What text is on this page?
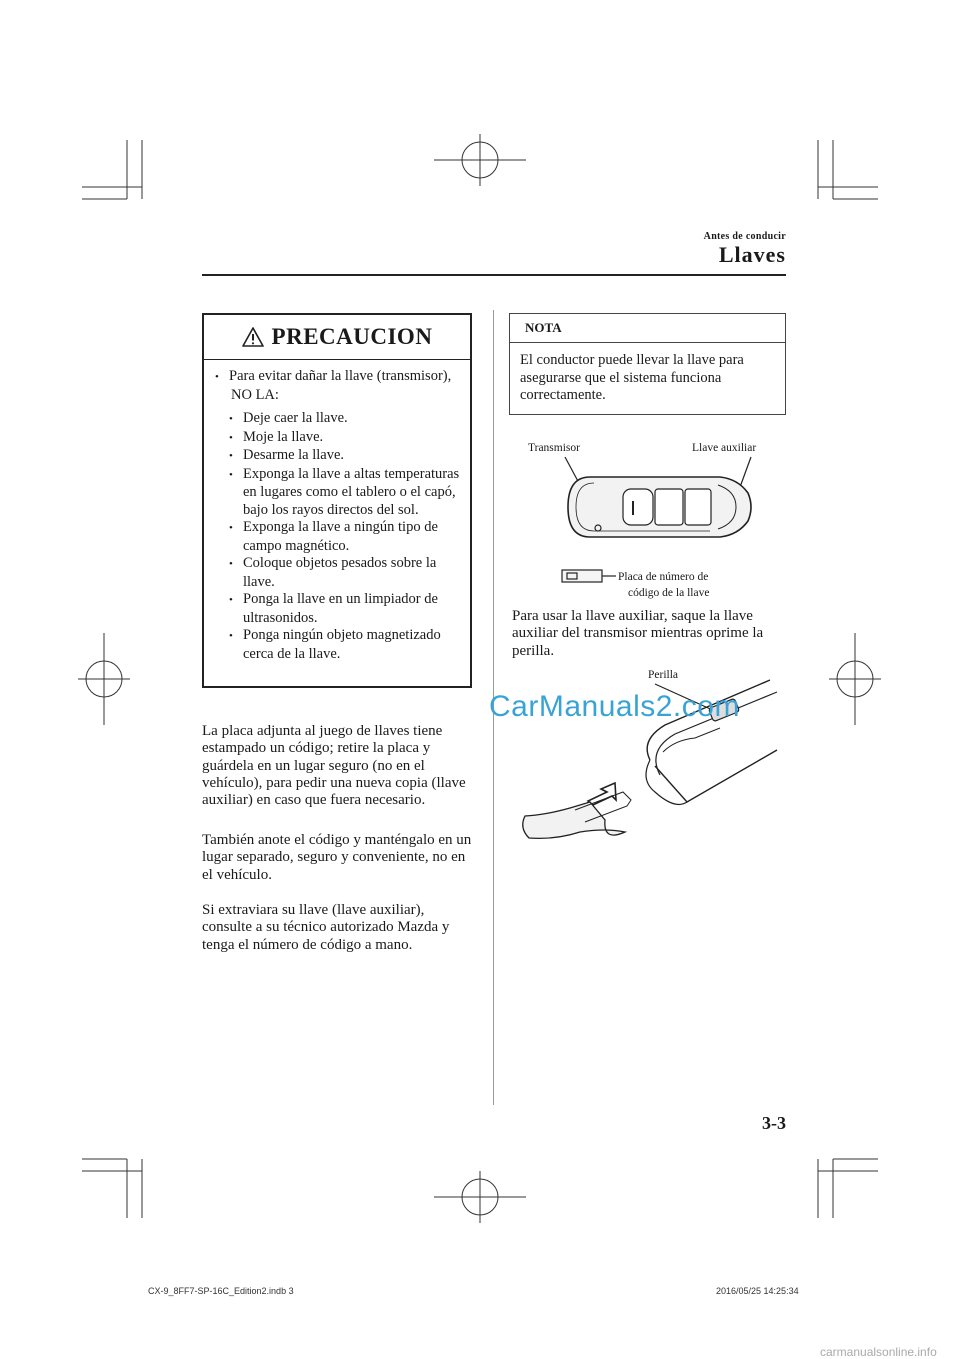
Antes de conducir
Llaves
PRECAUCION

• Para evitar dañar la llave (transmisor), NO LA:

• Deje caer la llave.
• Moje la llave.
• Desarme la llave.
• Exponga la llave a altas temperaturas en lugares como el tablero o el capó, bajo los rayos directos del sol.
• Exponga la llave a ningún tipo de campo magnético.
• Coloque objetos pesados sobre la llave.
• Ponga la llave en un limpiador de ultrasonidos.
• Ponga ningún objeto magnetizado cerca de la llave.
La placa adjunta al juego de llaves tiene estampado un código; retire la placa y guárdela en un lugar seguro (no en el vehículo), para pedir una nueva copia (llave auxiliar) en caso que fuera necesario.
También anote el código y manténgalo en un lugar separado, seguro y conveniente, no en el vehículo.
Si extraviara su llave (llave auxiliar), consulte a su técnico autorizado Mazda y tenga el número de código a mano.
NOTA
El conductor puede llevar la llave para asegurarse que el sistema funciona correctamente.
Transmisor	Llave auxiliar
Placa de número de
código de la llave
Para usar la llave auxiliar, saque la llave auxiliar del transmisor mientras oprime la perilla.
Perilla
CarManuals2.com
3-3
CX-9_8FF7-SP-16C_Edition2.indb 3	2016/05/25 14:25:34
carmanualsonline.info
